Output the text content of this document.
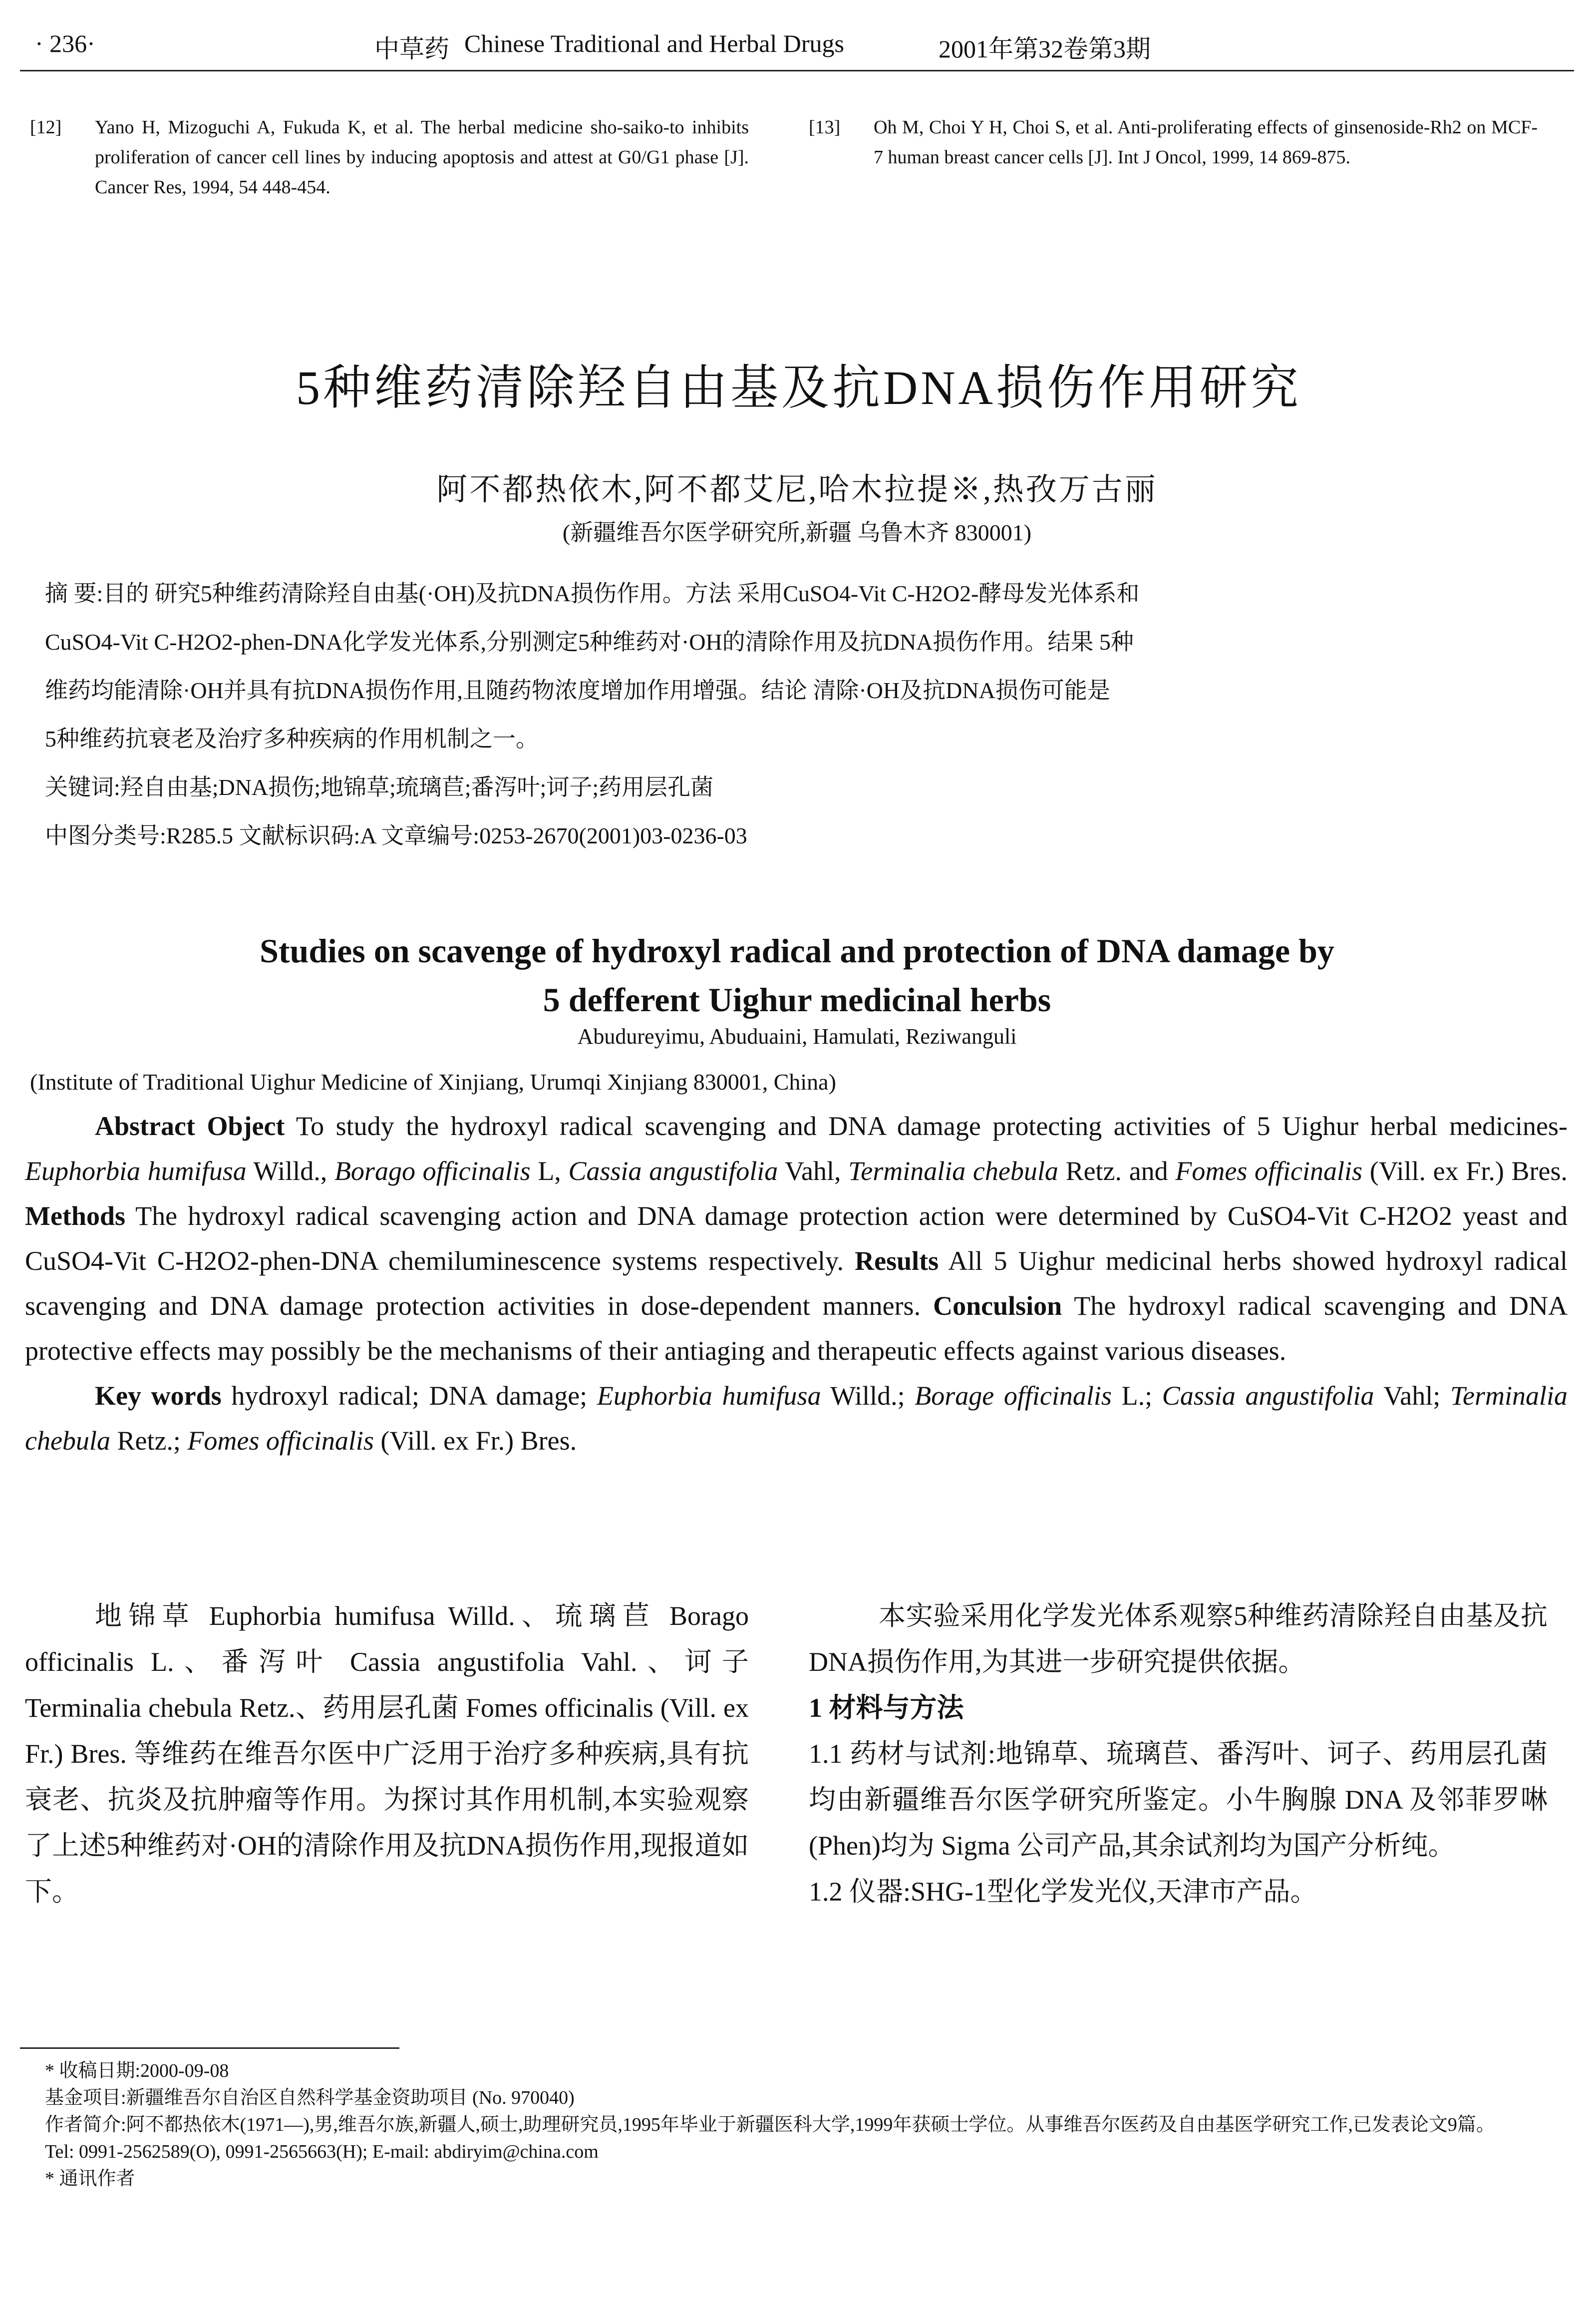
· 236·	中草药 Chinese Traditional and Herbal Drugs	2001年第32卷第3期
[12] Yano H, Mizoguchi A, Fukuda K, et al. The herbal medicine sho-saiko-to inhibits proliferation of cancer cell lines by inducing apoptosis and attest at G0/G1 phase [J]. Cancer Res, 1994, 54 448-454.
[13] Oh M, Choi Y H, Choi S, et al. Anti-proliferating effects of ginsenoside-Rh2 on MCF-7 human breast cancer cells [J]. Int J Oncol, 1999, 14 869-875.
5种维药清除羟自由基及抗DNA损伤作用研究
阿不都热依木,阿不都艾尼,哈木拉提※,热孜万古丽
(新疆维吾尔医学研究所,新疆 乌鲁木齐 830001)

摘 要:目的 研究5种维药清除羟自由基(·OH)及抗DNA损伤作用。方法 采用CuSO4-Vit C-H2O2-酵母发光体系和

CuSO4-Vit C-H2O2-phen-DNA化学发光体系,分别测定5种维药对·OH的清除作用及抗DNA损伤作用。结果 5种

维药均能清除·OH并具有抗DNA损伤作用,且随药物浓度增加作用增强。结论 清除·OH及抗DNA损伤可能是

5种维药抗衰老及治疗多种疾病的作用机制之一。

关键词:羟自由基;DNA损伤;地锦草;琉璃苣;番泻叶;诃子;药用层孔菌

中图分类号:R285.5 文献标识码:A 文章编号:0253-2670(2001)03-0236-03

Studies on scavenge of hydroxyl radical and protection of DNA damage by
5 defferent Uighur medicinal herbs
Abudureyimu, Abuduaini, Hamulati, Reziwanguli
(Institute of Traditional Uighur Medicine of Xinjiang, Urumqi Xinjiang 830001, China)

Abstract Object To study the hydroxyl radical scavenging and DNA damage protecting activities of 5 Uighur herbal medicines-Euphorbia humifusa Willd., Borago officinalis L, Cassia angustifolia Vahl, Terminalia chebula Retz. and Fomes officinalis (Vill. ex Fr.) Bres. Methods The hydroxyl radical scavenging action and DNA damage protection action were determined by CuSO4-Vit C-H2O2 yeast and CuSO4-Vit C-H2O2-phen-DNA chemiluminescence systems respectively. Results All 5 Uighur medicinal herbs showed hydroxyl radical scavenging and DNA damage protection activities in dose-dependent manners. Conculsion The hydroxyl radical scavenging and DNA protective effects may possibly be the mechanisms of their antiaging and therapeutic effects against various diseases.

Key words hydroxyl radical; DNA damage; Euphorbia humifusa Willd.; Borage officinalis L.; Cassia angustifolia Vahl; Terminalia chebula Retz.; Fomes officinalis (Vill. ex Fr.) Bres.

地锦草 Euphorbia humifusa Willd.、琉璃苣 Borago officinalis L.、番泻叶 Cassia angustifolia Vahl.、诃子 Terminalia chebula Retz.、药用层孔菌 Fomes officinalis (Vill. ex Fr.) Bres. 等维药在维吾尔医中广泛用于治疗多种疾病,具有抗衰老、抗炎及抗肿瘤等作用。为探讨其作用机制,本实验观察了上述5种维药对·OH的清除作用及抗DNA损伤作用,现报道如下。

本实验采用化学发光体系观察5种维药清除羟自由基及抗DNA损伤作用,为其进一步研究提供依据。

1 材料与方法

1.1 药材与试剂:地锦草、琉璃苣、番泻叶、诃子、药用层孔菌均由新疆维吾尔医学研究所鉴定。小牛胸腺 DNA 及邻菲罗啉(Phen)均为 Sigma 公司产品,其余试剂均为国产分析纯。

1.2 仪器:SHG-1型化学发光仪,天津市产品。

* 收稿日期:2000-09-08

基金项目:新疆维吾尔自治区自然科学基金资助项目 (No. 970040)

作者简介:阿不都热依木(1971—),男,维吾尔族,新疆人,硕士,助理研究员,1995年毕业于新疆医科大学,1999年获硕士学位。从事维吾尔医药及自由基医学研究工作,已发表论文9篇。

Tel: 0991-2562589(O), 0991-2565663(H); E-mail: abdiryim@china.com

* 通讯作者
